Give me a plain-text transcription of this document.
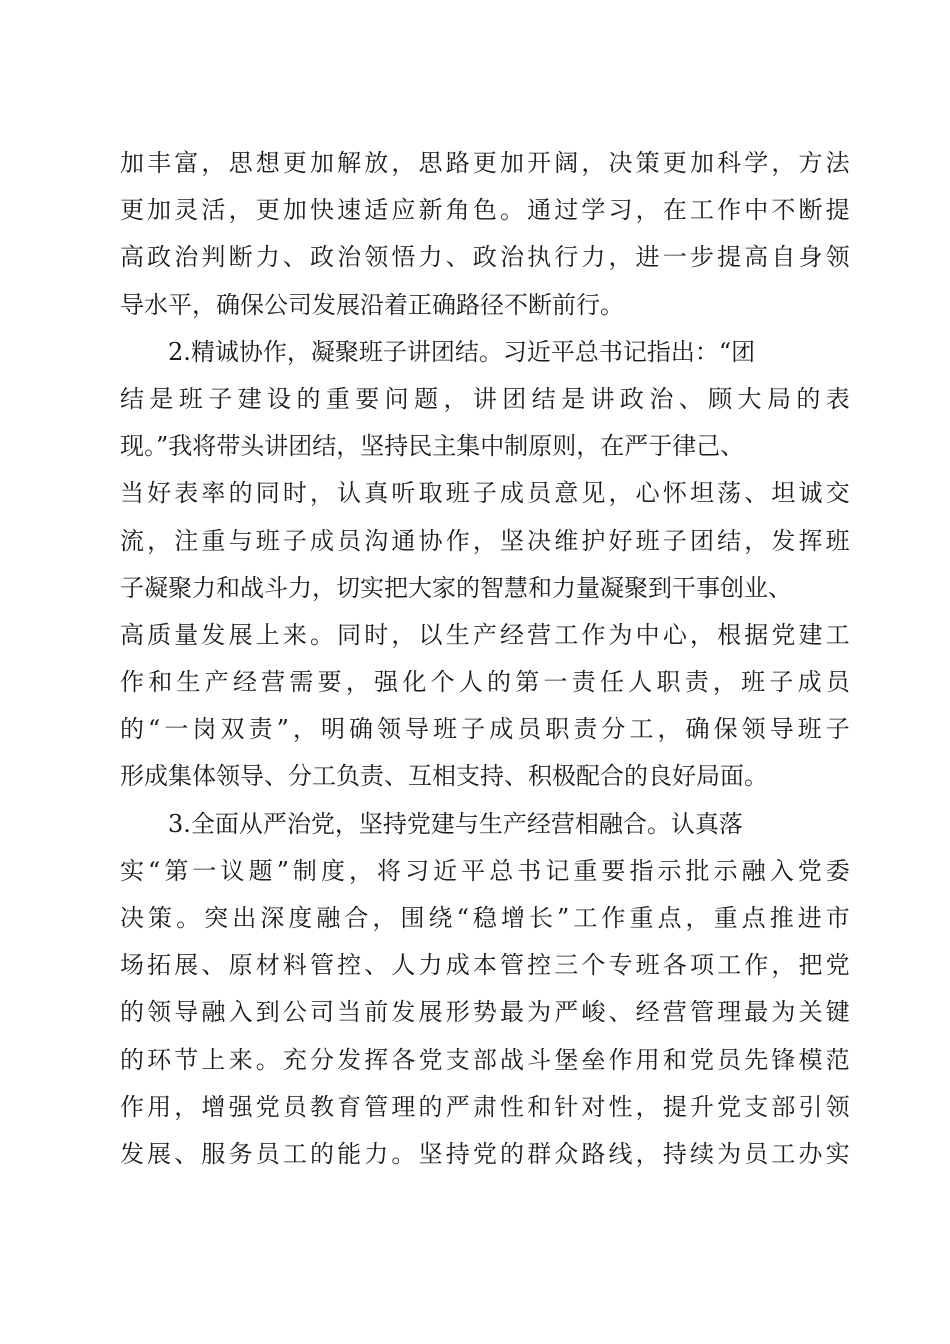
加 丰 富 ， 思 想 更 加 解 放 ， 思 路 更 加 开 阔 ， 决 策 更 加 科 学 ， 方 法
更 加 灵 活 ， 更 加 快 速 适 应 新 角 色 。 通 过 学 习 ， 在 工 作 中 不 断 提
高 政 治 判 断 力 、 政 治 领 悟 力 、 政 治 执 行 力 ， 进 一 步 提 高 自 身 领
导水平，确保公司发展沿着正确路径不断前行。
2.精诚协作，凝聚班子讲团结。习近平总书记指出：“团
结 是 班 子 建 设 的 重 要 问 题 ， 讲 团 结 是 讲 政 治 、 顾 大 局 的 表
现。”我将带头讲团结，坚持民主集中制原则，在严于律己、
当 好 表 率 的 同 时 ， 认 真 听 取 班 子 成 员 意 见 ， 心 怀 坦 荡 、 坦 诚 交
流 ， 注 重 与 班 子 成 员 沟 通 协 作 ， 坚 决 维 护 好 班 子 团 结 ， 发 挥 班
子凝聚力和战斗力，切实把大家的智慧和力量凝聚到干事创业、
高 质 量 发 展 上 来 。 同 时 ， 以 生 产 经 营 工 作 为 中 心 ， 根 据 党 建 工
作 和 生 产 经 营 需 要 ， 强 化 个 人 的 第 一 责 任 人 职 责 ， 班 子 成 员
的 “ 一 岗 双 责 ” ， 明 确 领 导 班 子 成 员 职 责 分 工 ， 确 保 领 导 班 子
形成集体领导、分工负责、互相支持、积极配合的良好局面。
3.全面从严治党，坚持党建与生产经营相融合。认真落
实 “ 第 一 议 题 ” 制 度 ， 将 习 近 平 总 书 记 重 要 指 示 批 示 融 入 党 委
决 策 。 突 出 深 度 融 合 ， 围 绕 “ 稳 增 长 ” 工 作 重 点 ， 重 点 推 进 市
场 拓 展 、 原 材 料 管 控 、 人 力 成 本 管 控 三 个 专 班 各 项 工 作 ， 把 党
的 领 导 融 入 到 公 司 当 前 发 展 形 势 最 为 严 峻 、 经 营 管 理 最 为 关 键
的 环 节 上 来 。 充 分 发 挥 各 党 支 部 战 斗 堡 垒 作 用 和 党 员 先 锋 模 范
作 用 ， 增 强 党 员 教 育 管 理 的 严 肃 性 和 针 对 性 ， 提 升 党 支 部 引 领
发 展 、 服 务 员 工 的 能 力 。 坚 持 党 的 群 众 路 线 ， 持 续 为 员 工 办 实
